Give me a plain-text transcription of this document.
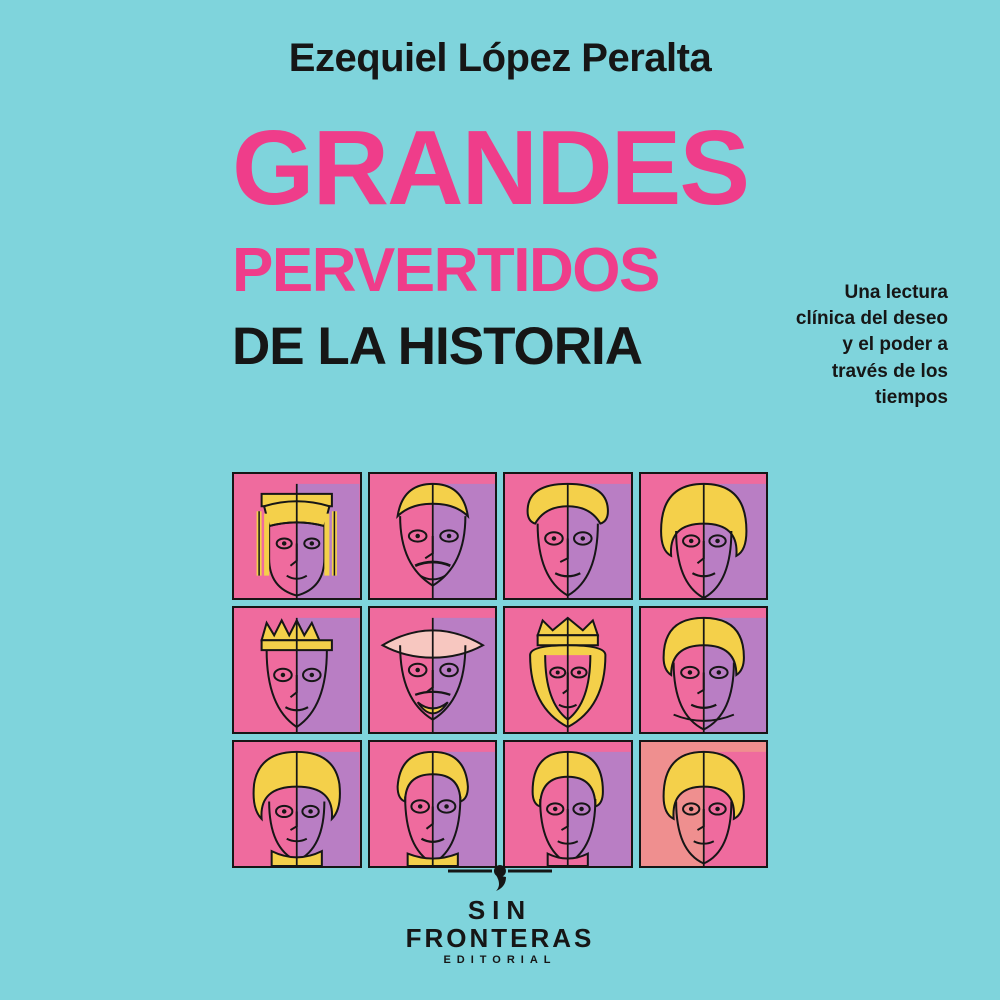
Ezequiel López Peralta
GRANDES
PERVERTIDOS
DE LA HISTORIA
Una lectura clínica del deseo y el poder a través de los tiempos
SIN
FRONTERAS
EDITORIAL
